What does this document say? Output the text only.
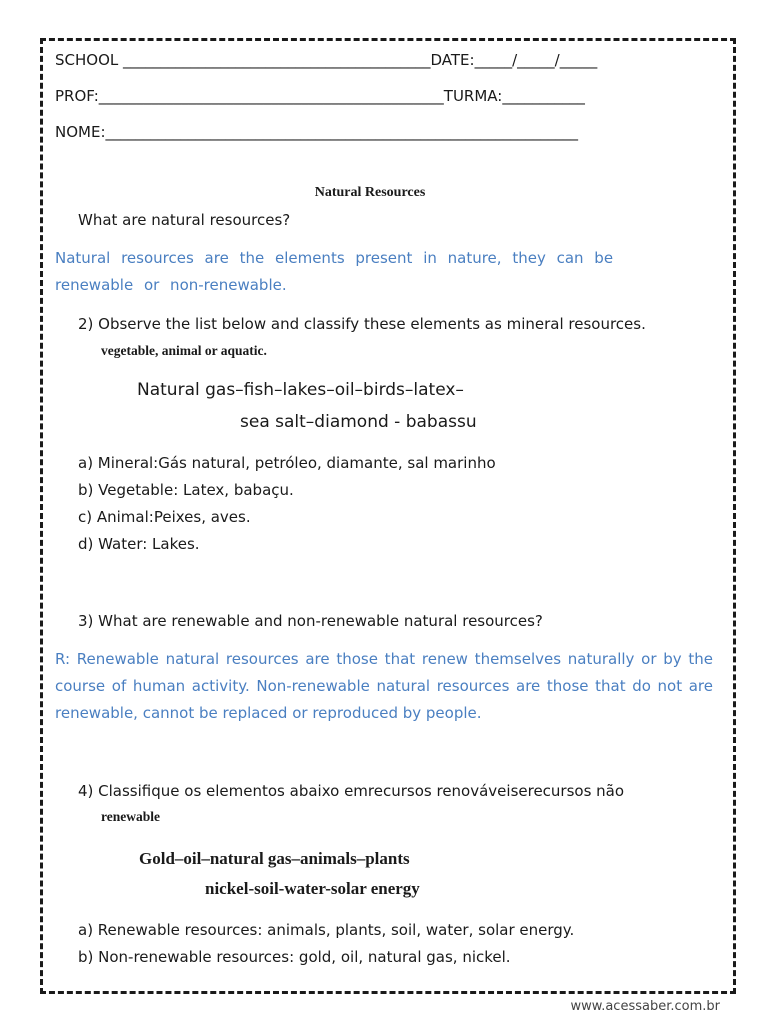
SCHOOL _________________________________________DATE:_____/_____/_____

PROF:______________________________________________TURMA:___________

NOME:_______________________________________________________________

Natural Resources

What are natural resources?

Natural resources are the elements present in nature, they can be renewable or non-renewable.

2) Observe the list below and classify these elements as mineral resources.

vegetable, animal or aquatic.

Natural gas–fish–lakes–oil–birds–latex–

sea salt–diamond - babassu

a) Mineral:Gás natural, petróleo, diamante, sal marinho

b) Vegetable: Latex, babaçu.

c) Animal:Peixes, aves.

d) Water: Lakes.

3) What are renewable and non-renewable natural resources?

R: Renewable natural resources are those that renew themselves naturally or by the course of human activity. Non-renewable natural resources are those that do not are renewable, cannot be replaced or reproduced by people.

4) Classifique os elementos abaixo emrecursos renováveiserecursos não

renewable

Gold–oil–natural gas–animals–plants

nickel-soil-water-solar energy

a) Renewable resources: animals, plants, soil, water, solar energy.

b) Non-renewable resources: gold, oil, natural gas, nickel.

www.acessaber.com.br
